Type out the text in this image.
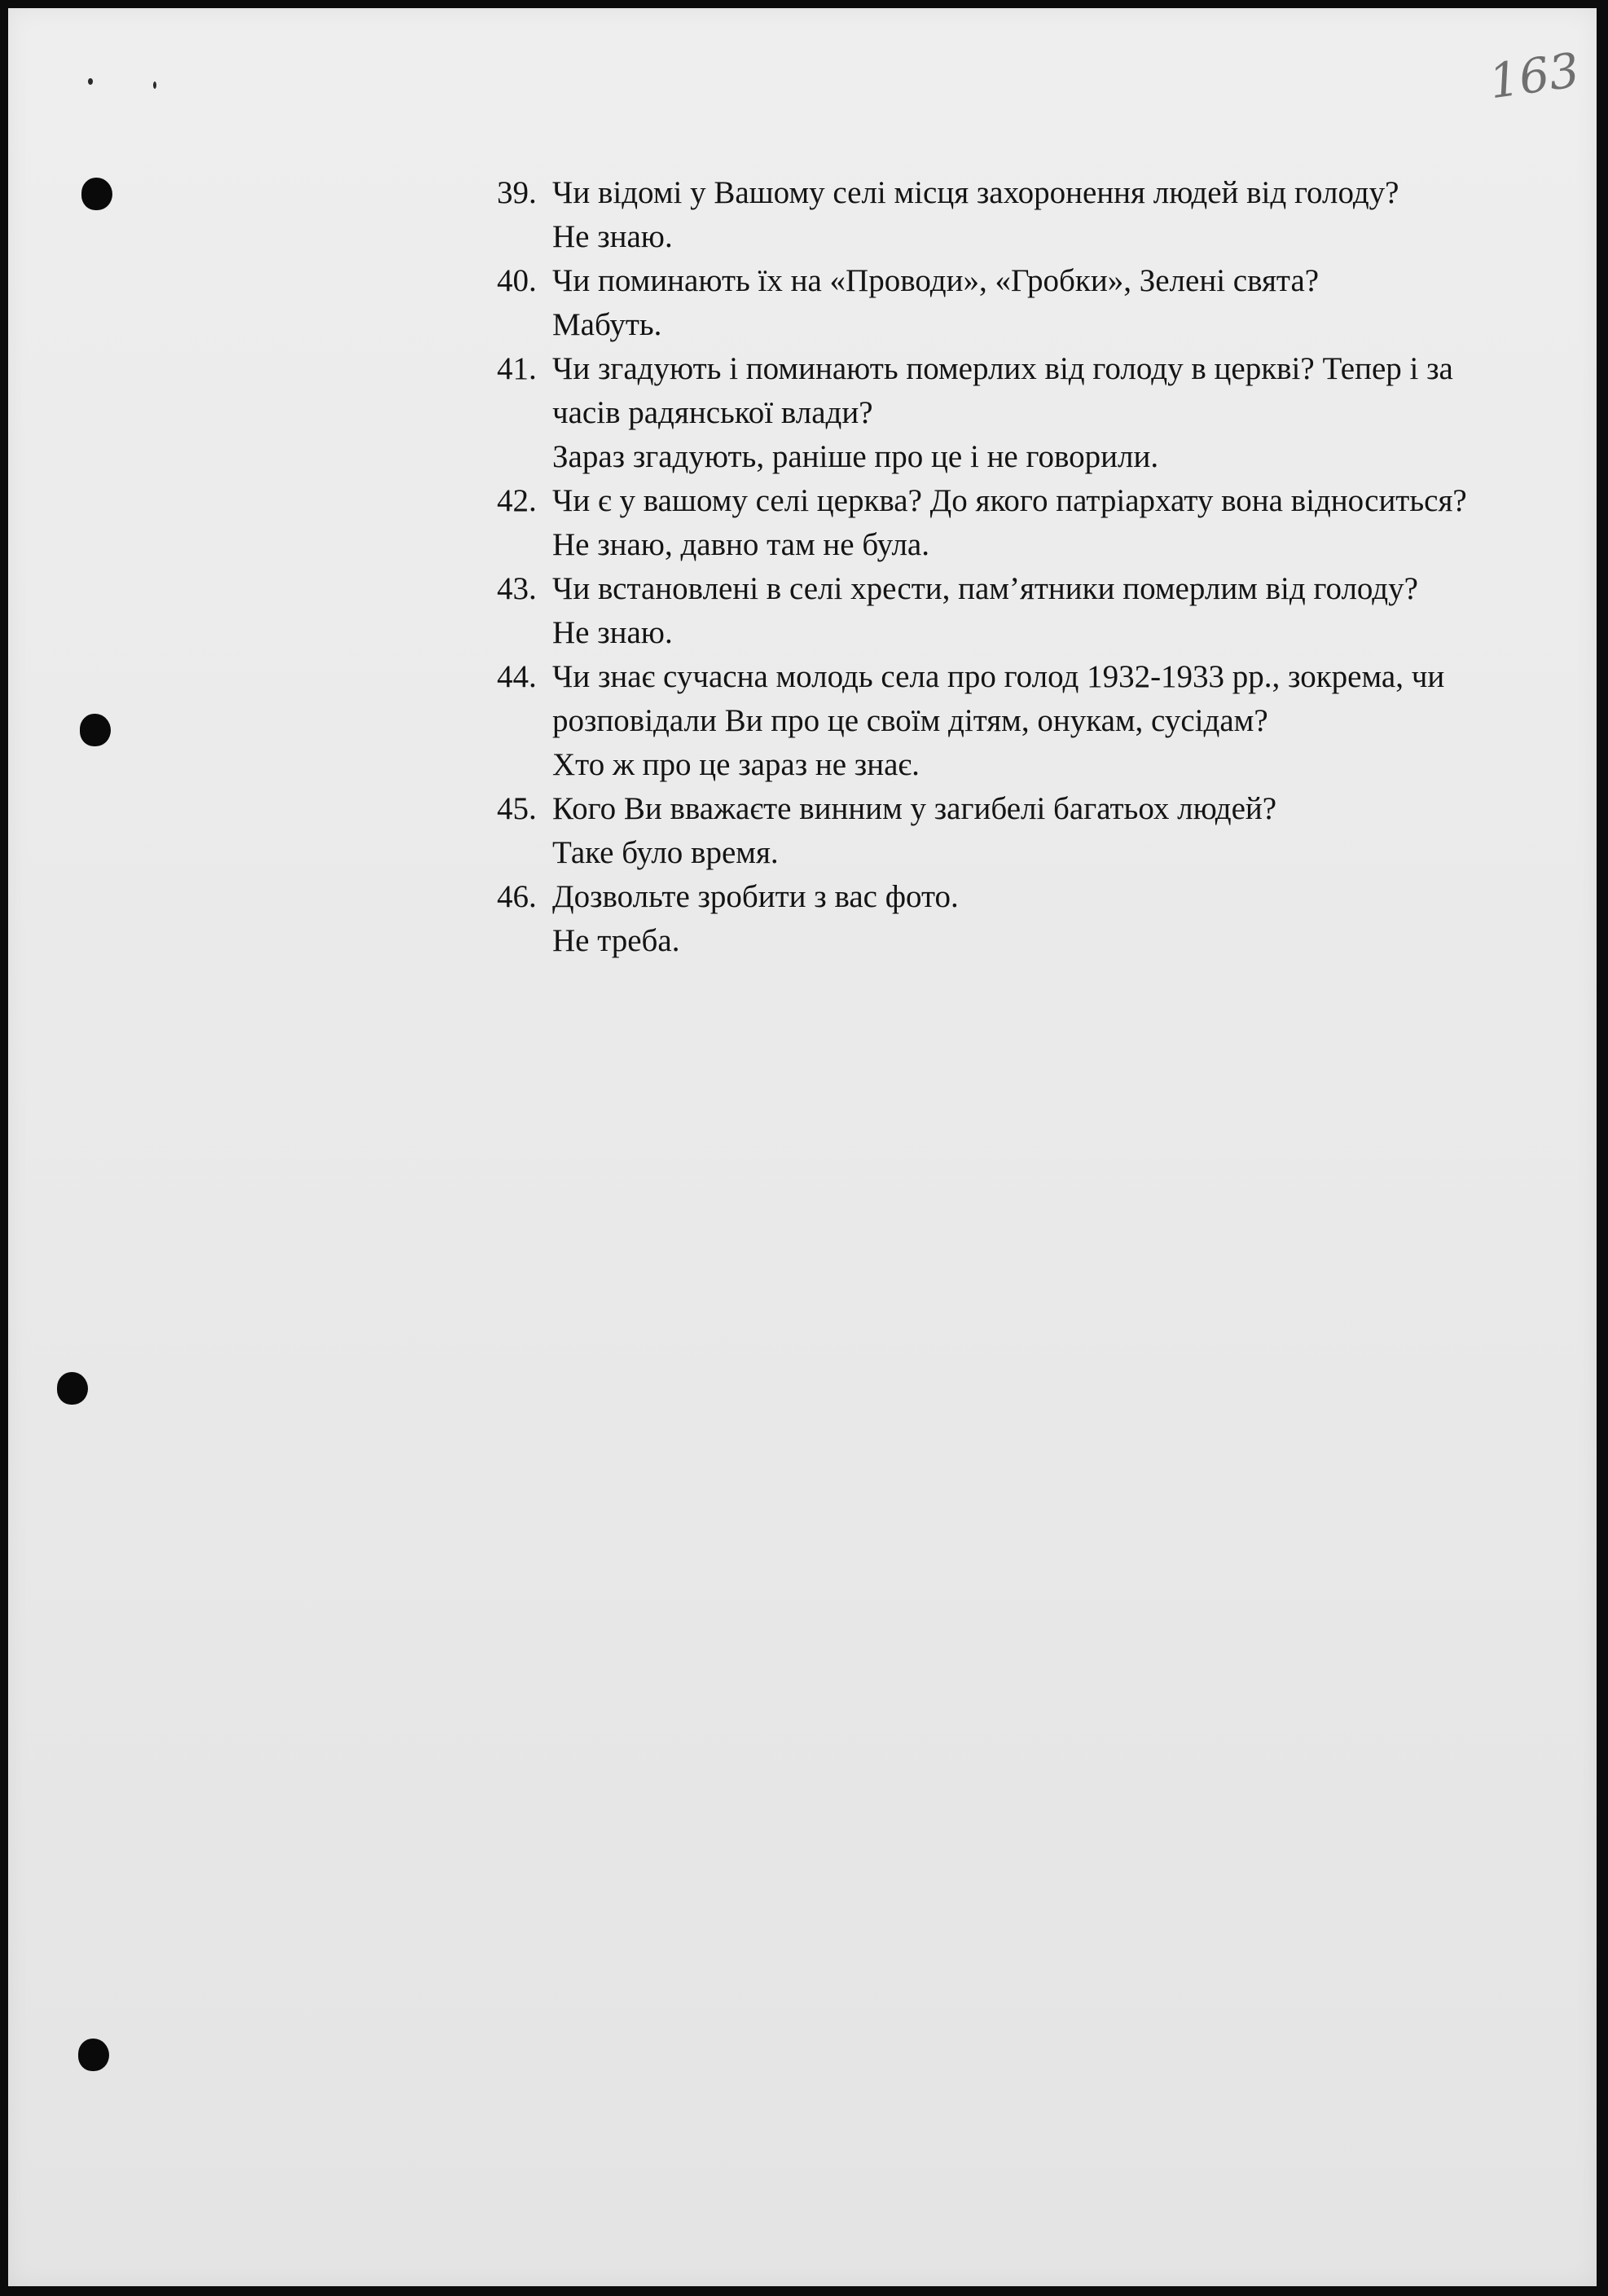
163
39. Чи відомі у Вашому селі місця захоронення людей від голоду?
Не знаю.
40. Чи поминають їх на «Проводи», «Гробки», Зелені свята?
Мабуть.
41. Чи згадують і поминають померлих від голоду в церкві? Тепер і за часів радянської влади?
Зараз згадують, раніше про це і не говорили.
42. Чи є у вашому селі церква? До якого патріархату вона відноситься?
Не знаю, давно там не була.
43. Чи встановлені в селі хрести, пам’ятники померлим від голоду?
Не знаю.
44. Чи знає сучасна молодь села про голод 1932-1933 рр., зокрема, чи розповідали Ви про це своїм дітям, онукам, сусідам?
Хто ж про це зараз не знає.
45. Кого Ви вважаєте винним у загибелі багатьох людей?
Таке було время.
46. Дозвольте зробити з вас фото.
Не треба.
